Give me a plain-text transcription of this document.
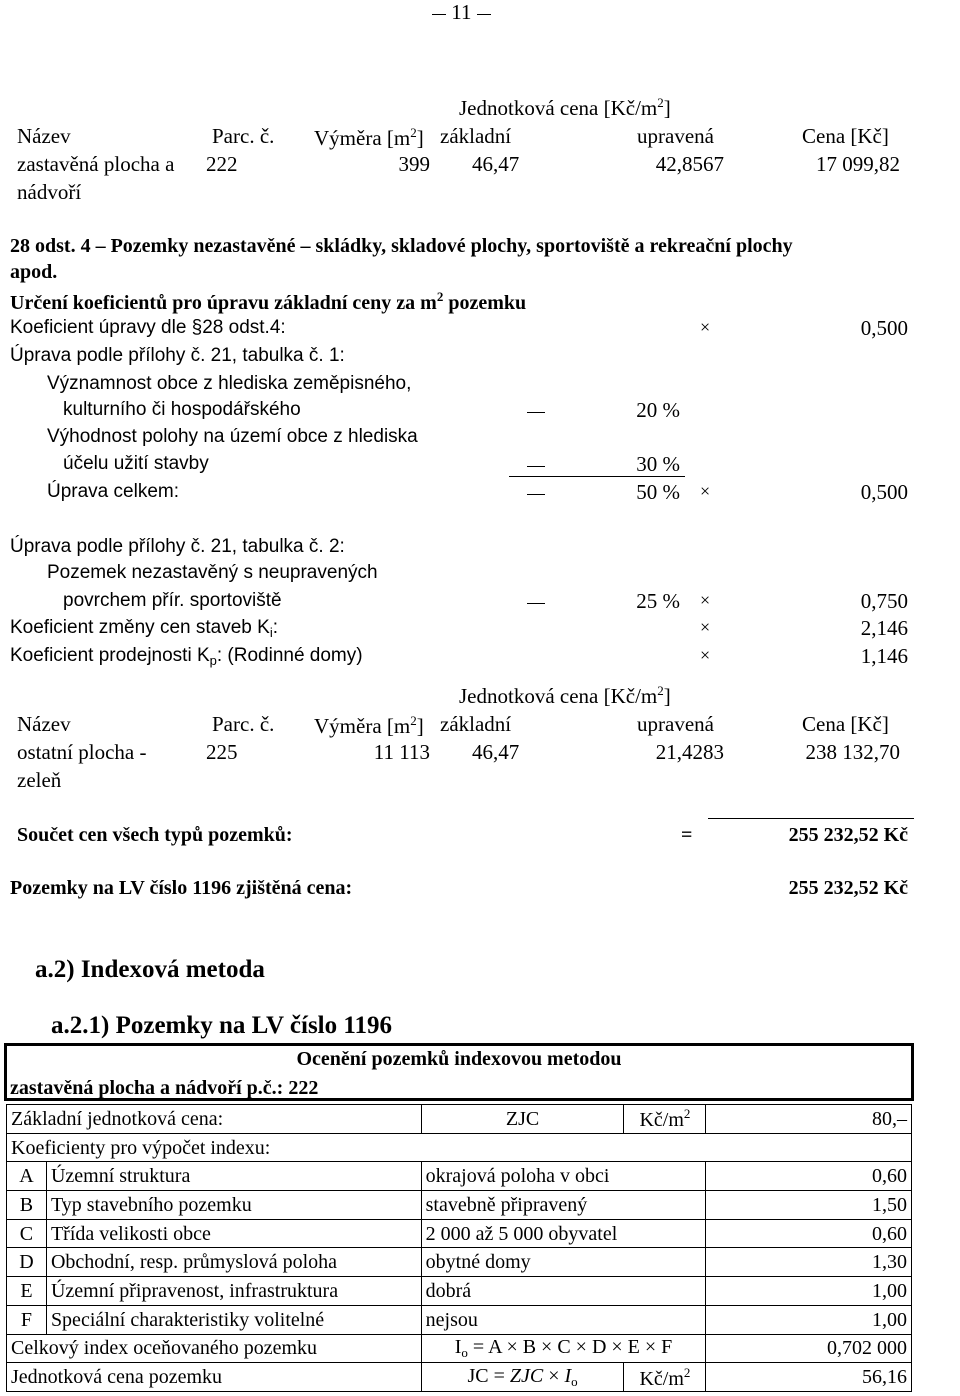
11
Jednotková cena $[Kč/m^2]$
Název	Parc. č. Výměra $[m^2]$ základní	upravená	Cena [Kč]
zastavěná plocha a
nádvoří
222	399 46,47	42,8567	17 099,82
28 odst. 4 – Pozemky nezastavěné – skládky, skladové plochy, sportoviště a rekreační plochy
apod.
Určení koeficientů pro úpravu základní ceny za $m^2$ pozemku
Koeficient úpravy dle §28 odst.4:	×	0,500
Úprava podle přílohy č. 21, tabulka č. 1:
Významnost obce z hlediska zeměpisného,
kulturního či hospodářského	20 %
Výhodnost polohy na území obce z hlediska
účelu užití stavby	30 %
Úprava celkem:	50 % ×	0,500
Úprava podle přílohy č. 21, tabulka č. 2:
Pozemek nezastavěný s neupravených
povrchem přír. sportoviště	25 % ×	0,750
Koeficient změny cen staveb $K_i$:	×	2,146
Koeficient prodejnosti $K_p$: (Rodinné domy)	×	1,146
Jednotková cena $[Kč/m^2]$
Název	Parc. č. Výměra $[m^2]$ základní	upravená	Cena [Kč]
ostatní plocha -
zeleň
225	11 113 46,47	21,4283	238 132,70
Součet cen všech typů pozemků:	=	255 232,52 Kč
Pozemky na LV číslo 1196 zjištěná cena:	255 232,52 Kč
a.2) Indexová metoda
a.2.1) Pozemky na LV číslo 1196
Ocenění pozemků indexovou metodou
zastavěná plocha a nádvoří p.č.: 222
Základní jednotková cena:		ZJC	$Kč/m^2$	80,–
Koeficienty pro výpočet indexu:				
A	Územní struktura	okrajová poloha v obci		0,60
B	Typ stavebního pozemku	stavebně připravený		1,50
C	Třída velikosti obce	2 000 až 5 000 obyvatel		0,60
D	Obchodní, resp. průmyslová poloha	obytné domy		1,30
E	Územní připravenost, infrastruktura	dobrá		1,00
F	Speciální charakteristiky volitelné	nejsou		1,00
Celkový index oceňovaného pozemku		$I_o = A \times B \times C \times D \times E \times F$		0,702 000
Jednotková cena pozemku		JC = ZJC × $I_o$	$Kč/m^2$	56,16
